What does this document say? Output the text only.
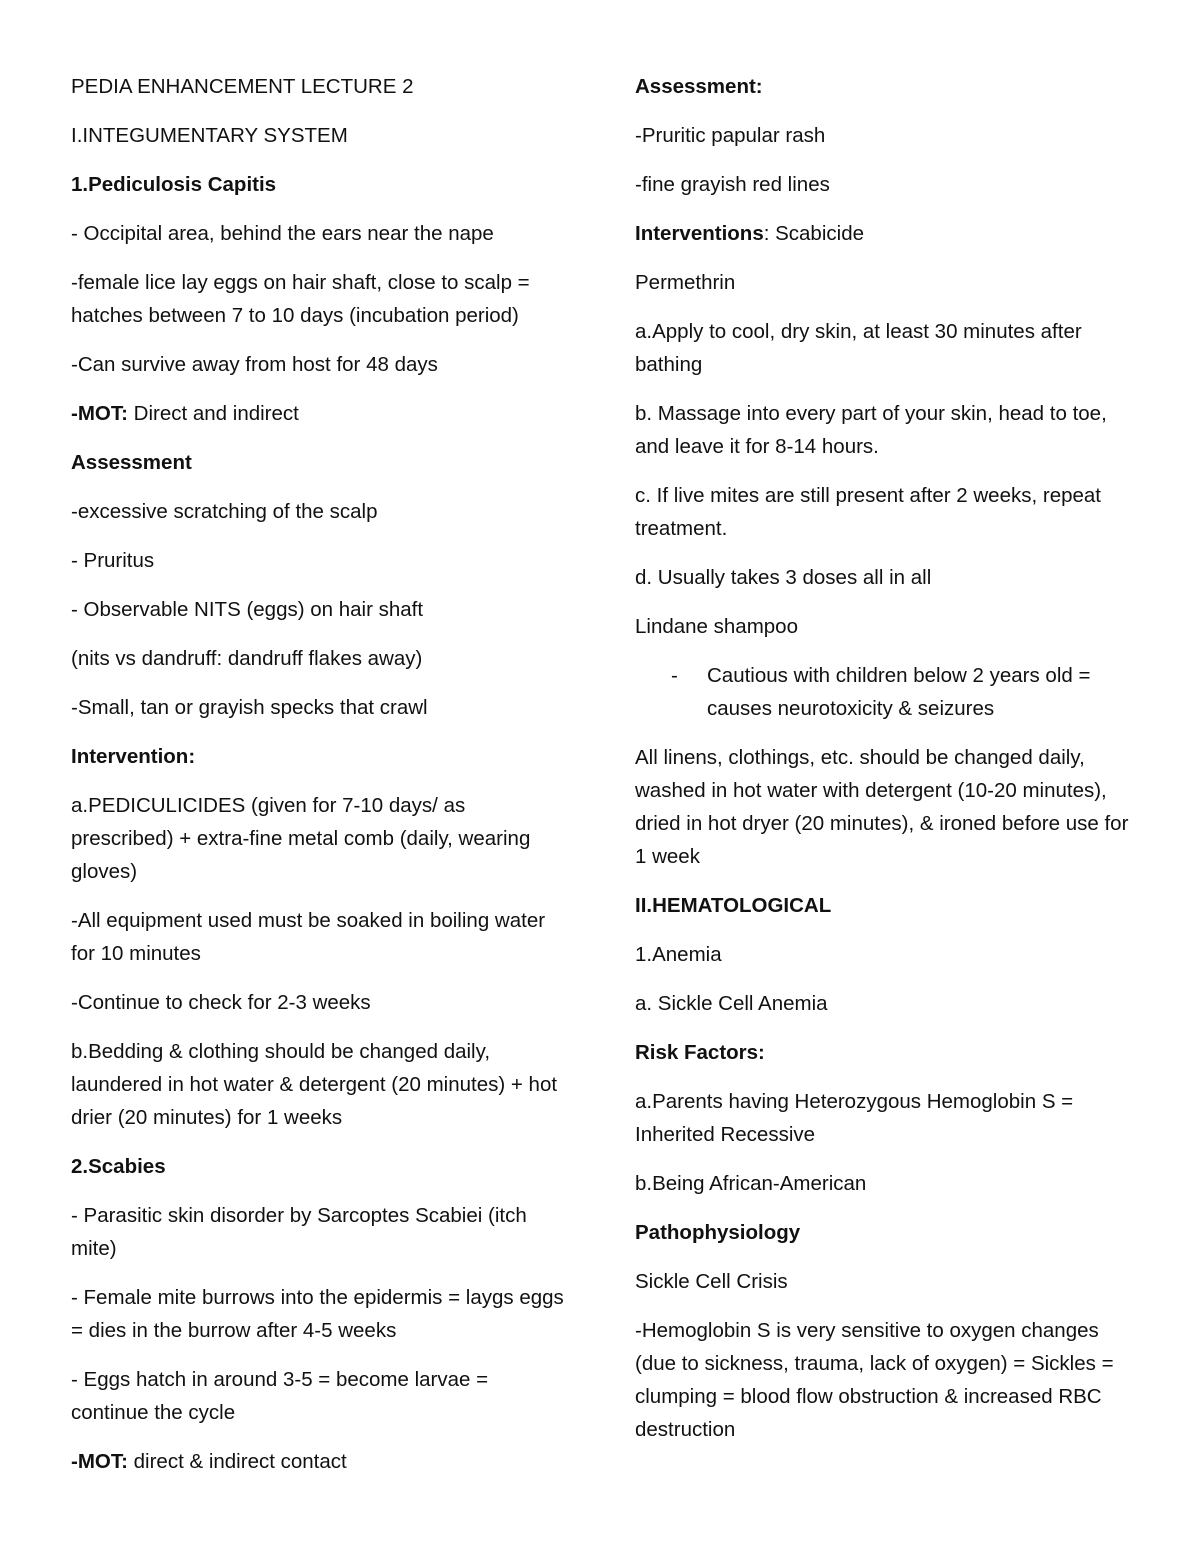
PEDIA ENHANCEMENT LECTURE 2

I.INTEGUMENTARY SYSTEM

1.Pediculosis Capitis

- Occipital area, behind the ears near the nape

-female lice lay eggs on hair shaft, close to scalp = hatches between 7 to 10 days (incubation period)

-Can survive away from host for 48 days

-MOT: Direct and indirect

Assessment

-excessive scratching of the scalp

- Pruritus

- Observable NITS (eggs) on hair shaft

(nits vs dandruff: dandruff flakes away)

-Small, tan or grayish specks that crawl

Intervention:

a.PEDICULICIDES (given for 7-10 days/ as prescribed) + extra-fine metal comb (daily, wearing gloves)

-All equipment used must be soaked in boiling water for 10 minutes

-Continue to check for 2-3 weeks

b.Bedding & clothing should be changed daily, laundered in hot water & detergent (20 minutes) + hot drier (20 minutes) for 1 weeks

2.Scabies

- Parasitic skin disorder by Sarcoptes Scabiei (itch mite)

- Female mite burrows into the epidermis = laygs eggs = dies in the burrow after 4-5 weeks

- Eggs hatch in around 3-5 = become larvae = continue the cycle

-MOT: direct & indirect contact

Assessment:

-Pruritic papular rash

-fine grayish red lines

Interventions: Scabicide

Permethrin

a.Apply to cool, dry skin, at least 30 minutes after bathing

b. Massage into every part of your skin, head to toe, and leave it for 8-14 hours.

c. If live mites are still present after 2 weeks, repeat treatment.

d. Usually takes 3 doses all in all

Lindane shampoo

-	Cautious with children below 2 years old = causes neurotoxicity & seizures

All linens, clothings, etc. should be changed daily, washed in hot water with detergent (10-20 minutes), dried in hot dryer (20 minutes), & ironed before use for 1 week

II.HEMATOLOGICAL

1.Anemia

a. Sickle Cell Anemia

Risk Factors:

a.Parents having Heterozygous Hemoglobin S = Inherited Recessive

b.Being African-American

Pathophysiology

Sickle Cell Crisis

-Hemoglobin S is very sensitive to oxygen changes (due to sickness, trauma, lack of oxygen) = Sickles = clumping = blood flow obstruction & increased RBC destruction
